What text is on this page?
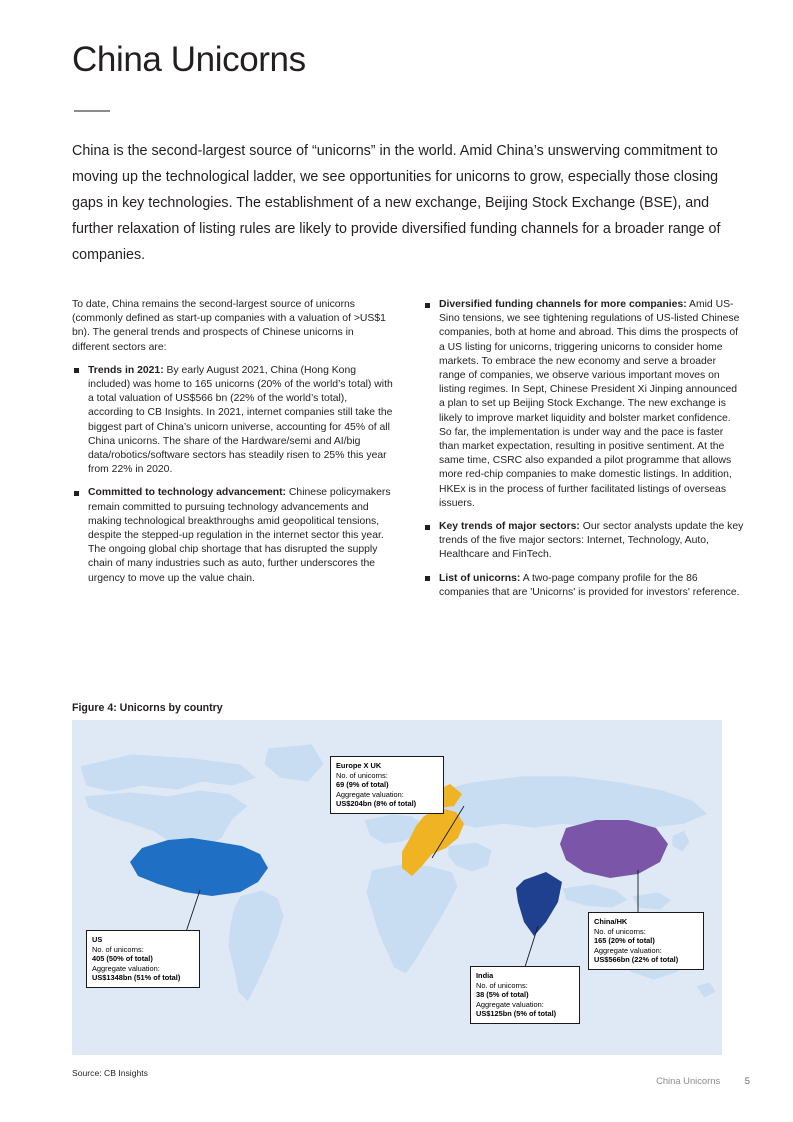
China Unicorns
China is the second-largest source of “unicorns” in the world. Amid China’s unswerving commitment to moving up the technological ladder, we see opportunities for unicorns to grow, especially those closing gaps in key technologies. The establishment of a new exchange, Beijing Stock Exchange (BSE), and further relaxation of listing rules are likely to provide diversified funding channels for a broader range of companies.

To date, China remains the second-largest source of unicorns (commonly defined as start-up companies with a valuation of >US$1 bn). The general trends and prospects of Chinese unicorns in different sectors are:

Trends in 2021: By early August 2021, China (Hong Kong included) was home to 165 unicorns (20% of the world’s total) with a total valuation of US$566 bn (22% of the world’s total), according to CB Insights. In 2021, internet companies still take the biggest part of China’s unicorn universe, accounting for 45% of all China unicorns. The share of the Hardware/semi and AI/big data/robotics/software sectors has steadily risen to 25% this year from 22% in 2020.
Committed to technology advancement: Chinese policymakers remain committed to pursuing technology advancements and making technological breakthroughs amid geopolitical tensions, despite the stepped-up regulation in the internet sector this year. The ongoing global chip shortage that has disrupted the supply chain of many industries such as auto, further underscores the urgency to move up the value chain.
Diversified funding channels for more companies: Amid US-Sino tensions, we see tightening regulations of US-listed Chinese companies, both at home and abroad. This dims the prospects of a US listing for unicorns, triggering unicorns to consider home markets. To embrace the new economy and serve a broader range of companies, we observe various important moves on listing regimes. In Sept, Chinese President Xi Jinping announced a plan to set up Beijing Stock Exchange. The new exchange is likely to improve market liquidity and bolster market confidence. So far, the implementation is under way and the pace is faster than market expectation, resulting in positive sentiment. At the same time, CSRC also expanded a pilot programme that allows more red-chip companies to make domestic listings. In addition, HKEx is in the process of further facilitated listings of overseas issuers.
Key trends of major sectors: Our sector analysts update the key trends of the five major sectors: Internet, Technology, Auto, Healthcare and FinTech.
List of unicorns: A two-page company profile for the 86 companies that are 'Unicorns' is provided for investors' reference.
Figure 4: Unicorns by country
Europe X UK
No. of unicorns:
69 (9% of total)
Aggregate valuation:
US$204bn (8% of total)
US
No. of unicorns:
405 (50% of total)
Aggregate valuation:
US$1348bn (51% of total)	India
No. of unicorns:
38 (5% of total)
Aggregate valuation:
US$125bn (5% of total)
China/HK
No. of unicorns:
165 (20% of total)
Aggregate valuation:
US$566bn (22% of total)
Source: CB Insights
China Unicorns	5
